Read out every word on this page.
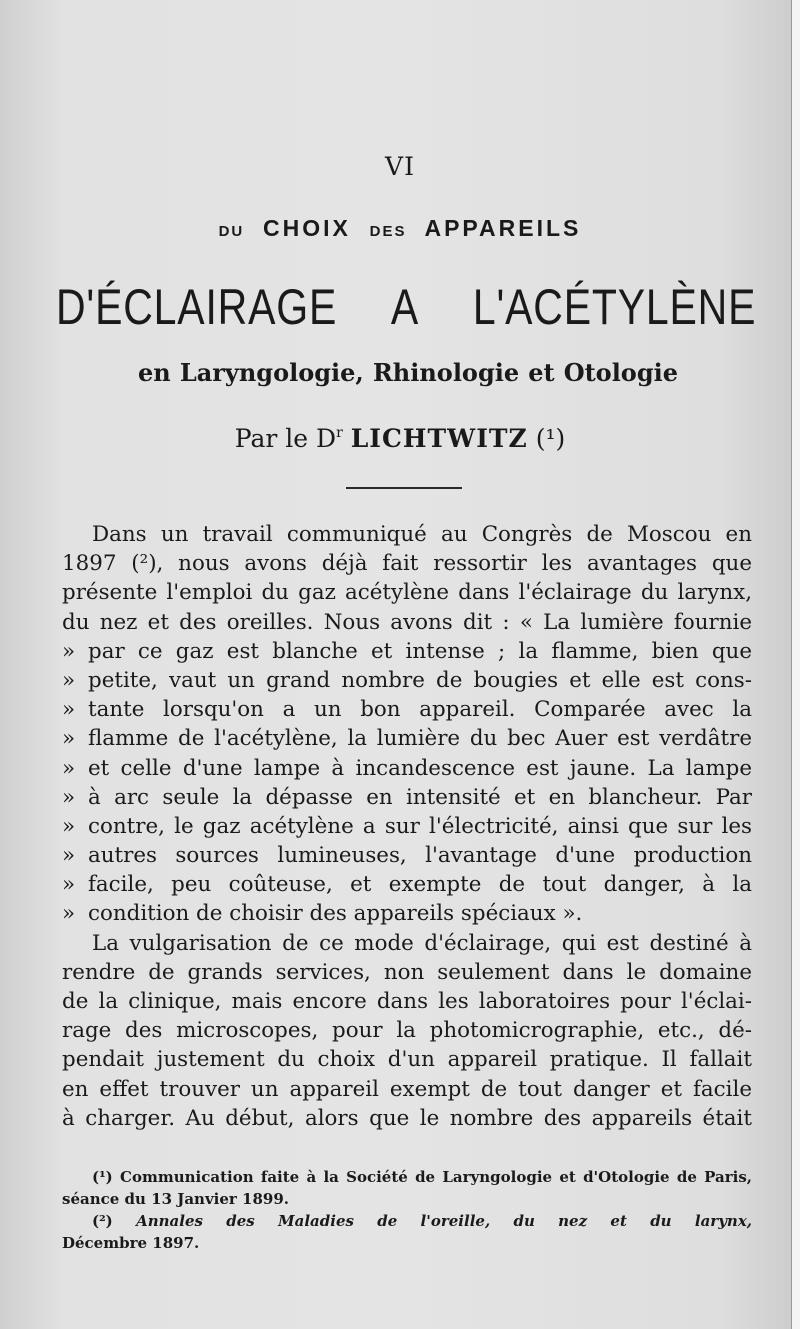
VI
DU CHOIX DES APPAREILS
D'ÉCLAIRAGE A L'ACÉTYLÈNE
en Laryngologie, Rhinologie et Otologie
Par le $D^r$ LICHTWITZ (¹)
Dans un travail communiqué au Congrès de Moscou en
1897 (²), nous avons déjà fait ressortir les avantages que
présente l'emploi du gaz acétylène dans l'éclairage du larynx,
du nez et des oreilles. Nous avons dit : « La lumière fournie
» par ce gaz est blanche et intense ; la flamme, bien que
» petite, vaut un grand nombre de bougies et elle est cons-
» tante lorsqu'on a un bon appareil. Comparée avec la
» flamme de l'acétylène, la lumière du bec Auer est verdâtre
» et celle d'une lampe à incandescence est jaune. La lampe
» à arc seule la dépasse en intensité et en blancheur. Par
» contre, le gaz acétylène a sur l'électricité, ainsi que sur les
» autres sources lumineuses, l'avantage d'une production
» facile, peu coûteuse, et exempte de tout danger, à la
» condition de choisir des appareils spéciaux ».
La vulgarisation de ce mode d'éclairage, qui est destiné à
rendre de grands services, non seulement dans le domaine
de la clinique, mais encore dans les laboratoires pour l'éclai-
rage des microscopes, pour la photomicrographie, etc., dé-
pendait justement du choix d'un appareil pratique. Il fallait
en effet trouver un appareil exempt de tout danger et facile
à charger. Au début, alors que le nombre des appareils était
(¹) Communication faite à la Société de Laryngologie et d'Otologie de Paris,
séance du 13 Janvier 1899.
(²) Annales des Maladies de l'oreille, du nez et du larynx,
Décembre 1897.
